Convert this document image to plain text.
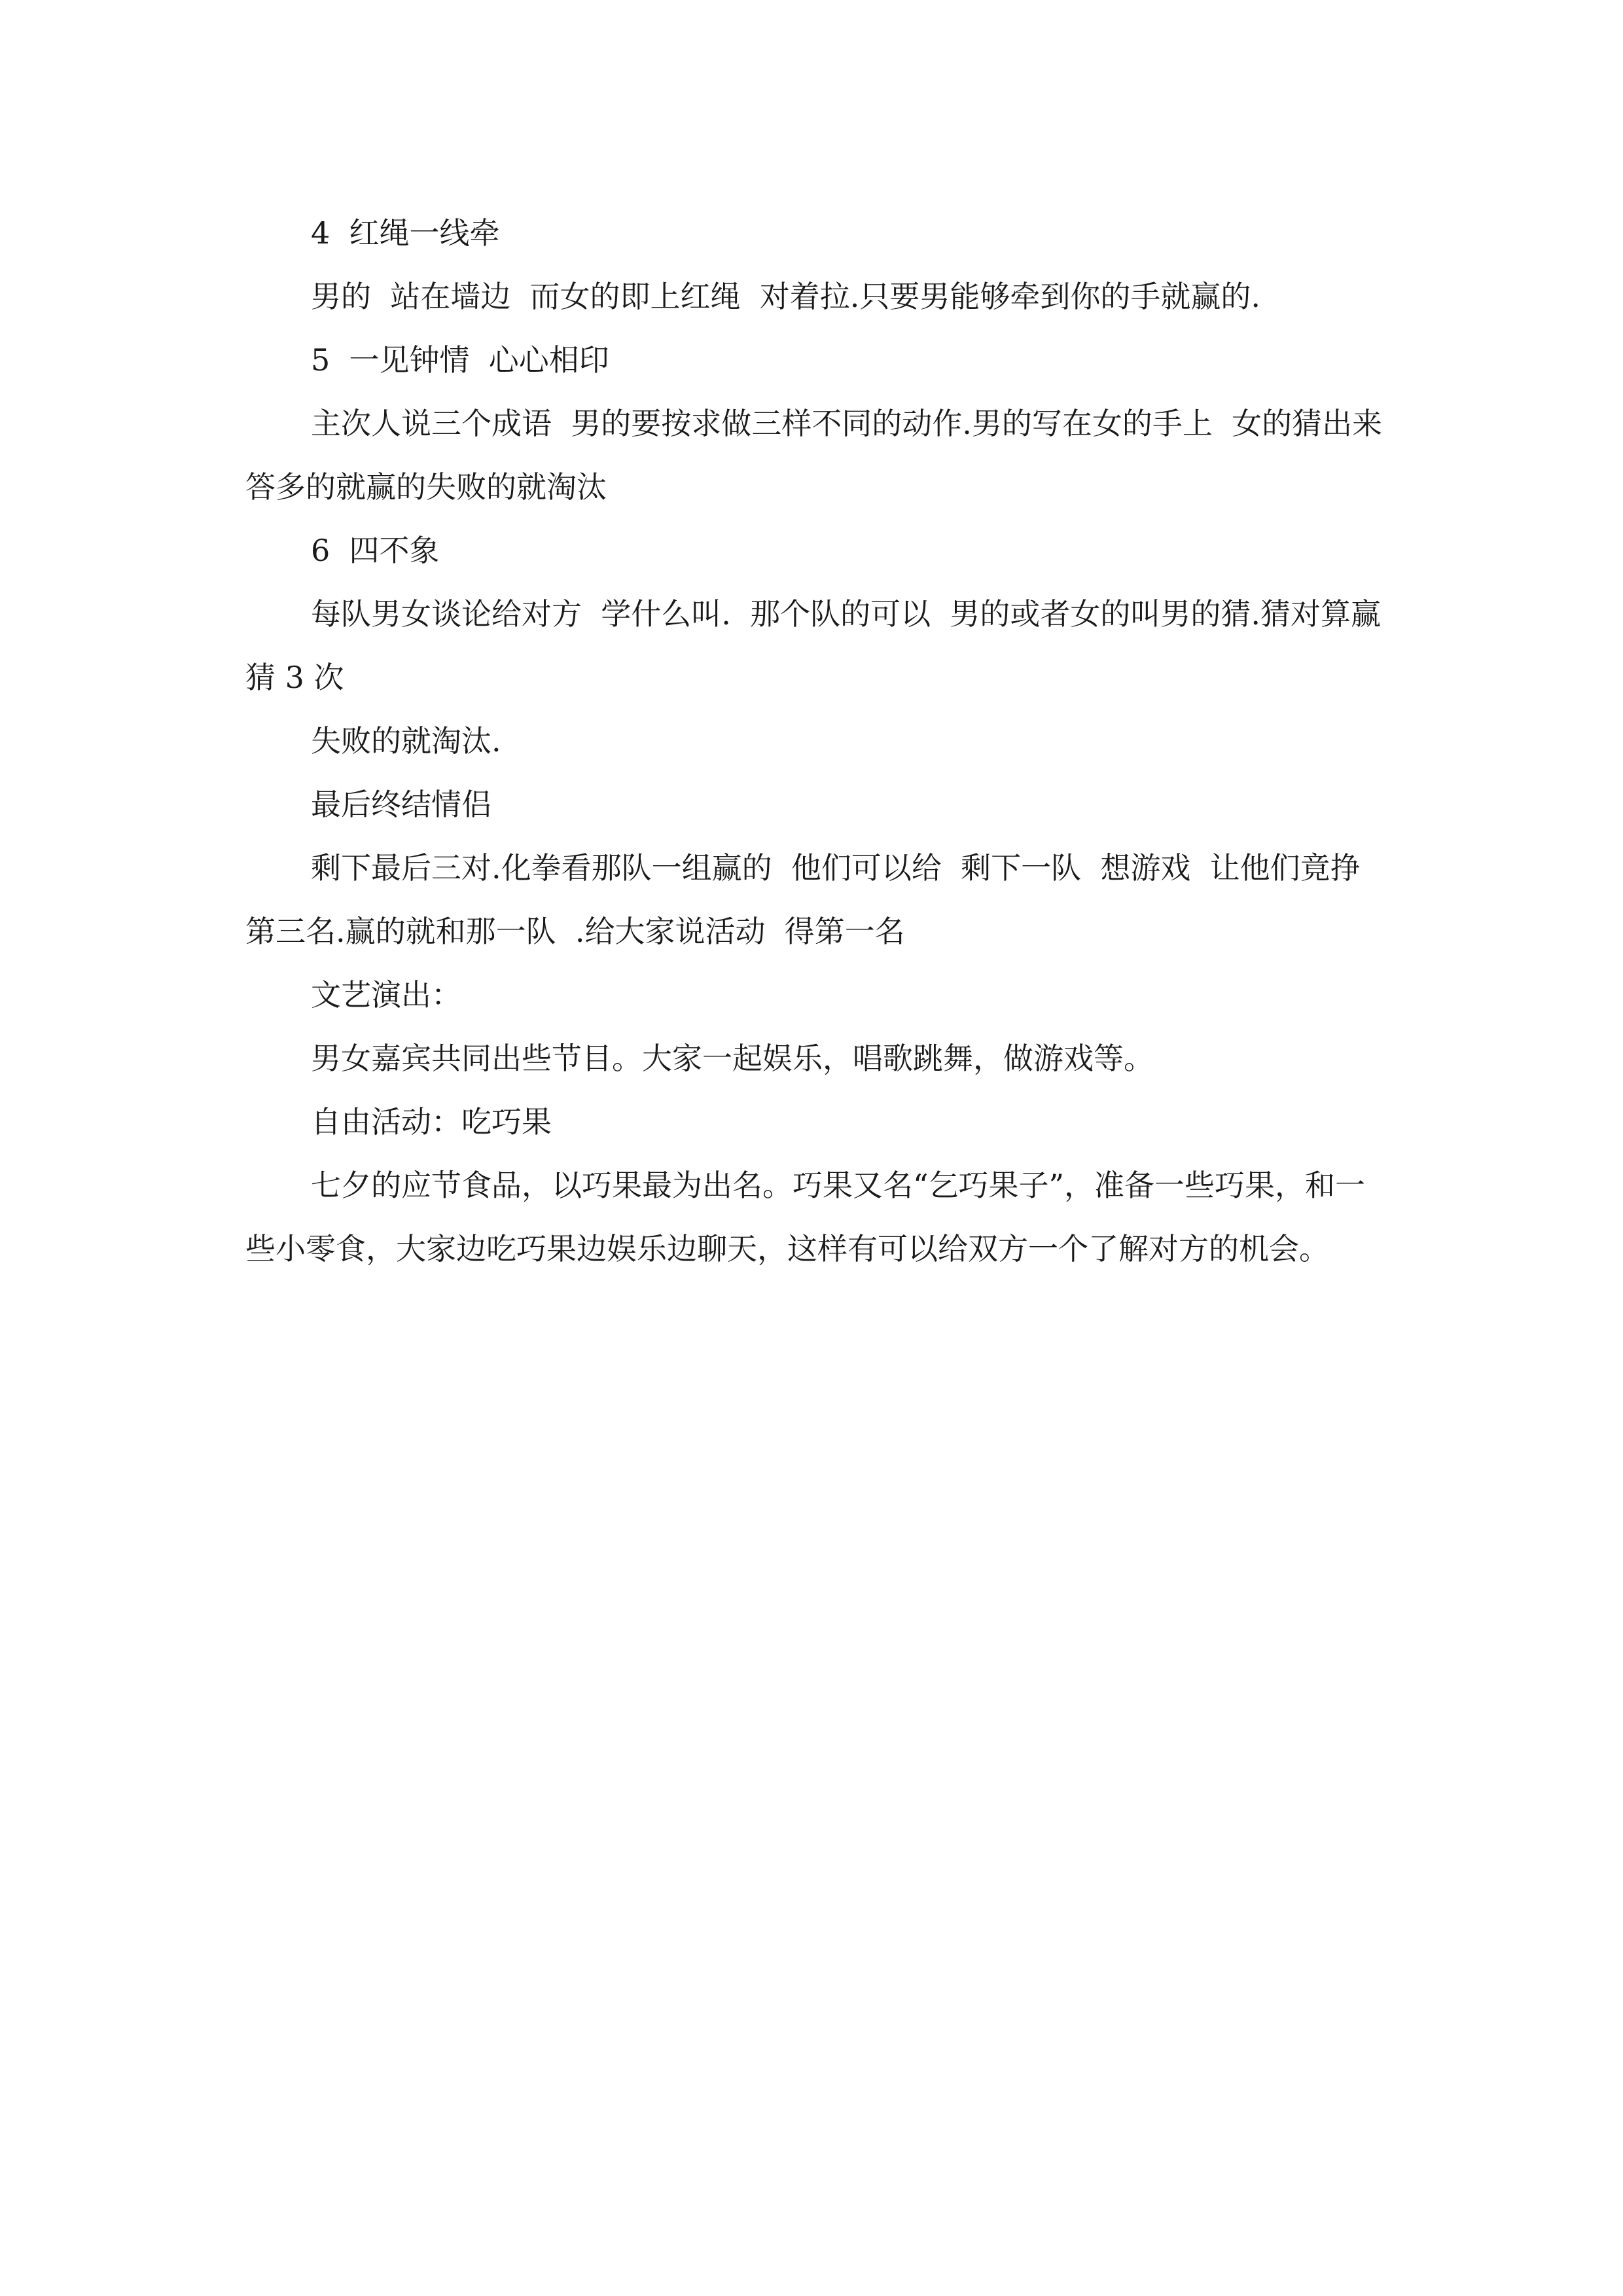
4  红绳一线牵

男的  站在墙边  而女的即上红绳  对着拉.只要男能够牵到你的手就赢的.

5  一见钟情  心心相印

主次人说三个成语  男的要按求做三样不同的动作.男的写在女的手上  女的猜出来  答多的就赢的失败的就淘汰

6  四不象

每队男女谈论给对方  学什么叫.  那个队的可以  男的或者女的叫男的猜.猜对算赢  猜 3 次

失败的就淘汰.

最后终结情侣

剩下最后三对.化拳看那队一组赢的  他们可以给  剩下一队  想游戏  让他们竟挣第三名.赢的就和那一队  .给大家说活动  得第一名

文艺演出：

男女嘉宾共同出些节目。大家一起娱乐，唱歌跳舞，做游戏等。

自由活动：吃巧果

七夕的应节食品，以巧果最为出名。巧果又名“乞巧果子”，准备一些巧果，和一些小零食，大家边吃巧果边娱乐边聊天，这样有可以给双方一个了解对方的机会。
